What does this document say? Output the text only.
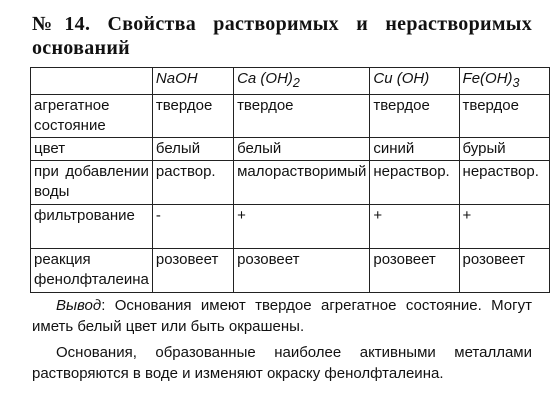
№14. Свойства растворимых и нерастворимых оснований
	NaOH	Ca $(OH)_2$	Cu (OH)	$Fe(OH)_3$
агрегатное состояние	твердое	твердое	твердое	твердое
цвет	белый	белый	синий	бурый
при добавлении воды	раствор.	малорастворимый	нераствор.	нераствор.
фильтрование	-	+	+	+
реакция фенолфталеина	розовеет	розовеет	розовеет	розовеет
Вывод: Основания имеют твердое агрегатное состояние. Могут иметь белый цвет или быть окрашены.
Основания, образованные наиболее активными металлами растворяются в воде и изменяют окраску фенолфталеина.
